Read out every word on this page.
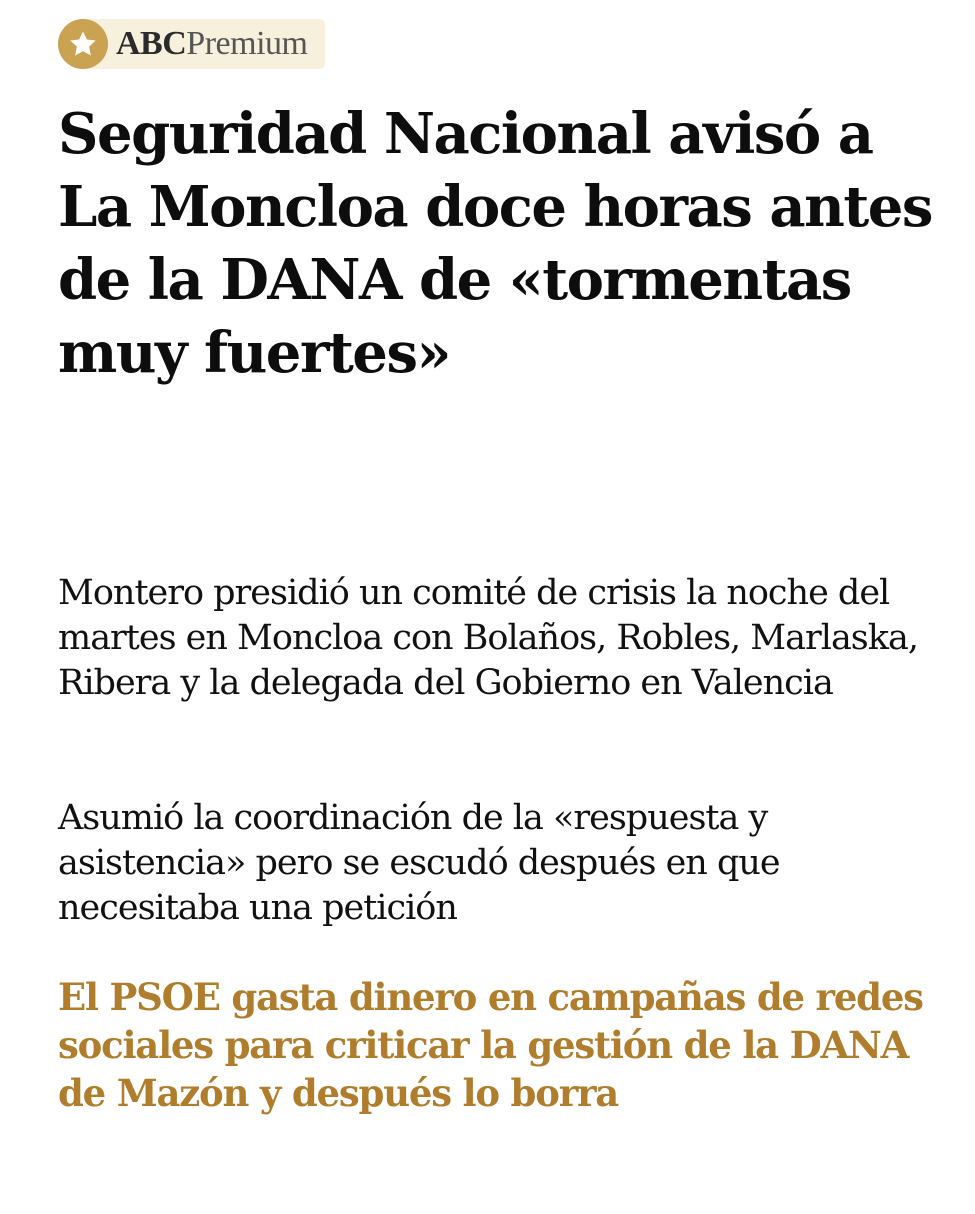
ABCPremium
Seguridad Nacional avisó a La Moncloa doce horas antes de la DANA de «tormentas muy fuertes»

Montero presidió un comité de crisis la noche del martes en Moncloa con Bolaños, Robles, Marlaska, Ribera y la delegada del Gobierno en Valencia

Asumió la coordinación de la «respuesta y asistencia» pero se escudó después en que necesitaba una petición

El PSOE gasta dinero en campañas de redes sociales para criticar la gestión de la DANA de Mazón y después lo borra
